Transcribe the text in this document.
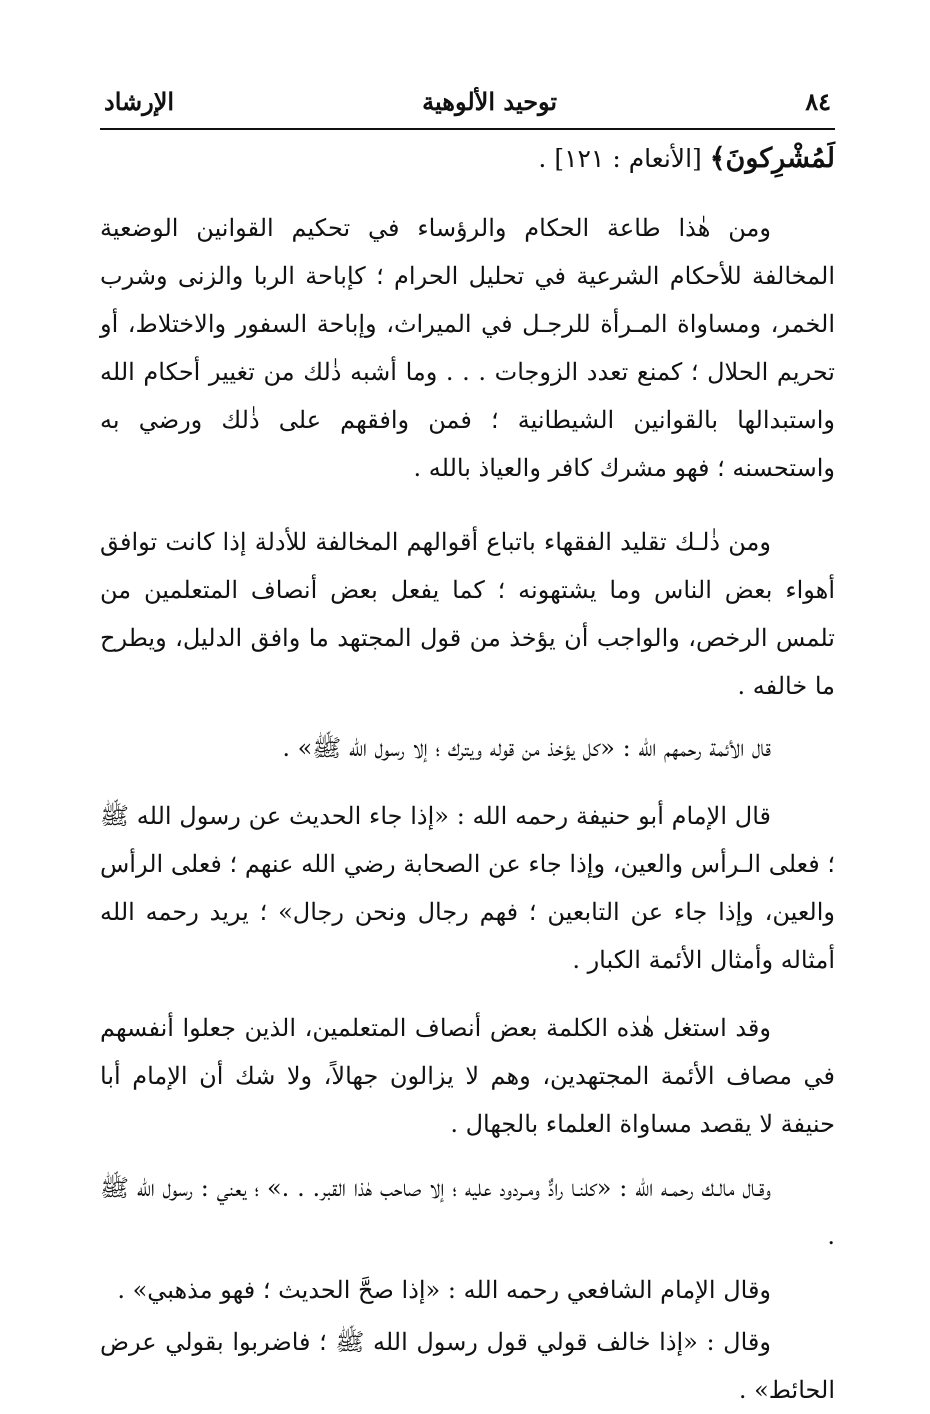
الإرشاد	توحيد الألوهية	٨٤
لَمُشْرِكونَ﴾ [الأنعام : ١٢١] .

ومن هٰذا طاعة الحكام والرؤساء في تحكيم القوانين الوضعية المخالفة للأحكام الشرعية في تحليل الحرام ؛ كإباحة الربا والزنى وشرب الخمر، ومساواة المـرأة للرجـل في الميراث، وإباحة السفور والاختلاط، أو تحريم الحلال ؛ كمنع تعدد الزوجات . . . وما أشبه ذٰلك من تغيير أحكام الله واستبدالها بالقوانين الشيطانية ؛ فمن وافقهم على ذٰلك ورضي به واستحسنه ؛ فهو مشرك كافر والعياذ بالله .

ومن ذٰلـك تقليد الفقهاء باتباع أقوالهم المخالفة للأدلة إذا كانت توافق أهواء بعض الناس وما يشتهونه ؛ كما يفعل بعض أنصاف المتعلمين من تلمس الرخص، والواجب أن يؤخذ من قول المجتهد ما وافق الدليل، ويطرح ما خالفه .

قال الأئمة رحمهم الله : «كل يؤخذ من قوله ويترك ؛ إلا رسول الله ﷺ» .

قال الإمام أبو حنيفة رحمه الله : «إذا جاء الحديث عن رسول الله ﷺ ؛ فعلى الـرأس والعين، وإذا جاء عن الصحابة رضي الله عنهم ؛ فعلى الرأس والعين، وإذا جاء عن التابعين ؛ فهم رجال ونحن رجال» ؛ يريد رحمه الله أمثاله وأمثال الأئمة الكبار .

وقد استغل هٰذه الكلمة بعض أنصاف المتعلمين، الذين جعلوا أنفسهم في مصاف الأئمة المجتهدين، وهم لا يزالون جهالاً، ولا شك أن الإمام أبا حنيفة لا يقصد مساواة العلماء بالجهال .

وقـال مالـك رحمـه الله : «كلنـا رادٌّ ومـردود عليه ؛ إلا صاحب هٰذا القبر. . .» ؛ يعني : رسول الله ﷺ .

وقال الإمام الشافعي رحمه الله : «إذا صحَّ الحديث ؛ فهو مذهبي» .

وقال : «إذا خالف قولي قول رسول الله ﷺ ؛ فاضربوا بقولي عرض الحائط» .
